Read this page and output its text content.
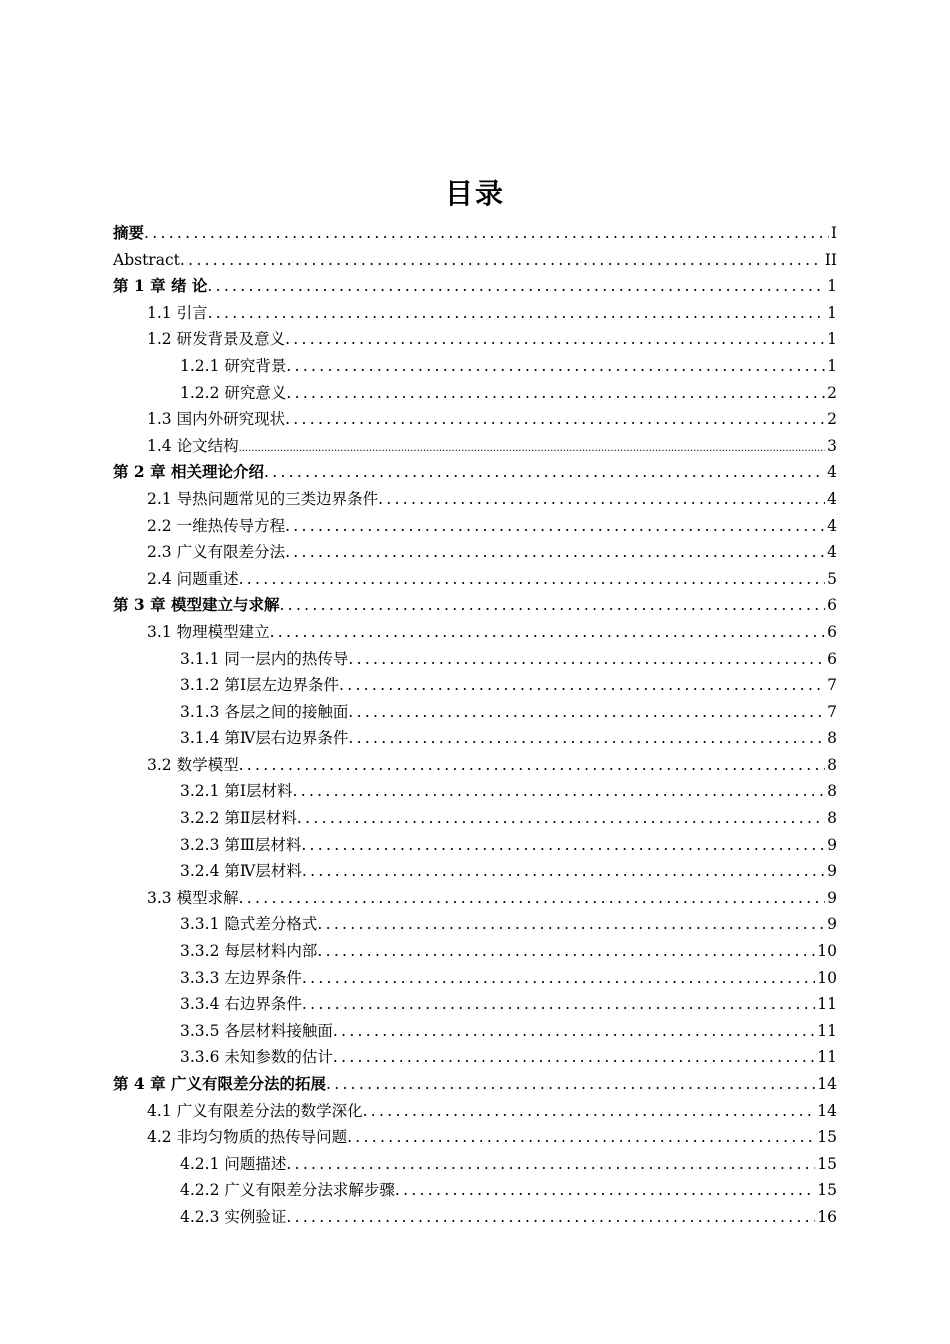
目录
摘要 .....	I
Abstract .....	II
第 1 章 绪 论 .....	1
1.1 引言 .....	1
1.2 研发背景及意义 .....	1
1.2.1 研究背景 .....	1
1.2.2 研究意义 .....	2
1.3 国内外研究现状 .....	2
1.4 论文结构 .....	3
第 2 章 相关理论介绍 .....	4
2.1 导热问题常见的三类边界条件 .....	4
2.2 一维热传导方程 .....	4
2.3 广义有限差分法 .....	4
2.4 问题重述 .....	5
第 3 章 模型建立与求解 .....	6
3.1 物理模型建立 .....	6
3.1.1 同一层内的热传导 .....	6
3.1.2 第Ⅰ层左边界条件 .....	7
3.1.3 各层之间的接触面 .....	7
3.1.4 第Ⅳ层右边界条件 .....	8
3.2 数学模型 .....	8
3.2.1 第Ⅰ层材料 .....	8
3.2.2 第Ⅱ层材料 .....	8
3.2.3 第Ⅲ层材料 .....	9
3.2.4 第Ⅳ层材料 .....	9
3.3 模型求解 .....	9
3.3.1 隐式差分格式 .....	9
3.3.2 每层材料内部 .....	10
3.3.3 左边界条件 .....	10
3.3.4 右边界条件 .....	11
3.3.5 各层材料接触面 .....	11
3.3.6 未知参数的估计 .....	11
第 4 章 广义有限差分法的拓展 .....	14
4.1 广义有限差分法的数学深化 .....	14
4.2 非均匀物质的热传导问题 .....	15
4.2.1 问题描述 .....	15
4.2.2 广义有限差分法求解步骤 .....	15
4.2.3 实例验证 .....	16
